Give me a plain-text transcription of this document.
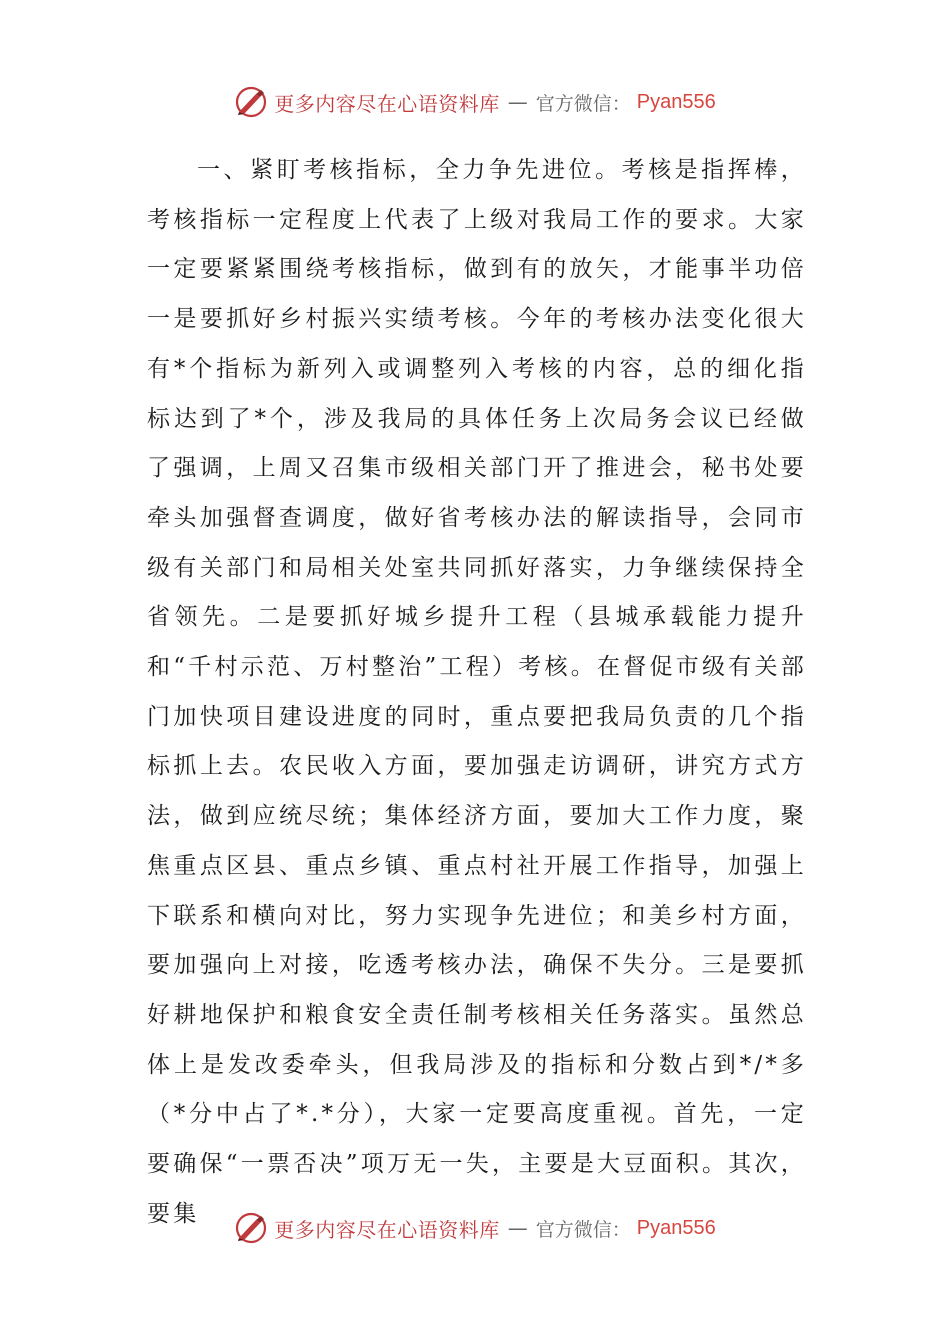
更多内容尽在心语资料库 — 官方微信： Pyan556

一、紧盯考核指标，全力争先进位。考核是指挥棒，考核指标一定程度上代表了上级对我局工作的要求。大家一定要紧紧围绕考核指标，做到有的放矢，才能事半功倍一是要抓好乡村振兴实绩考核。今年的考核办法变化很大有*个指标为新列入或调整列入考核的内容，总的细化指标达到了*个，涉及我局的具体任务上次局务会议已经做了强调，上周又召集市级相关部门开了推进会，秘书处要牵头加强督查调度，做好省考核办法的解读指导，会同市级有关部门和局相关处室共同抓好落实，力争继续保持全省领先。二是要抓好城乡提升工程（县城承载能力提升和“千村示范、万村整治”工程）考核。在督促市级有关部门加快项目建设进度的同时，重点要把我局负责的几个指标抓上去。农民收入方面，要加强走访调研，讲究方式方法，做到应统尽统；集体经济方面，要加大工作力度，聚焦重点区县、重点乡镇、重点村社开展工作指导，加强上下联系和横向对比，努力实现争先进位；和美乡村方面，要加强向上对接，吃透考核办法，确保不失分。三是要抓好耕地保护和粮食安全责任制考核相关任务落实。虽然总体上是发改委牵头，但我局涉及的指标和分数占到*/*多（*分中占了*.*分），大家一定要高度重视。首先，一定要确保“一票否决”项万无一失，主要是大豆面积。其次，要集

更多内容尽在心语资料库 — 官方微信： Pyan556
